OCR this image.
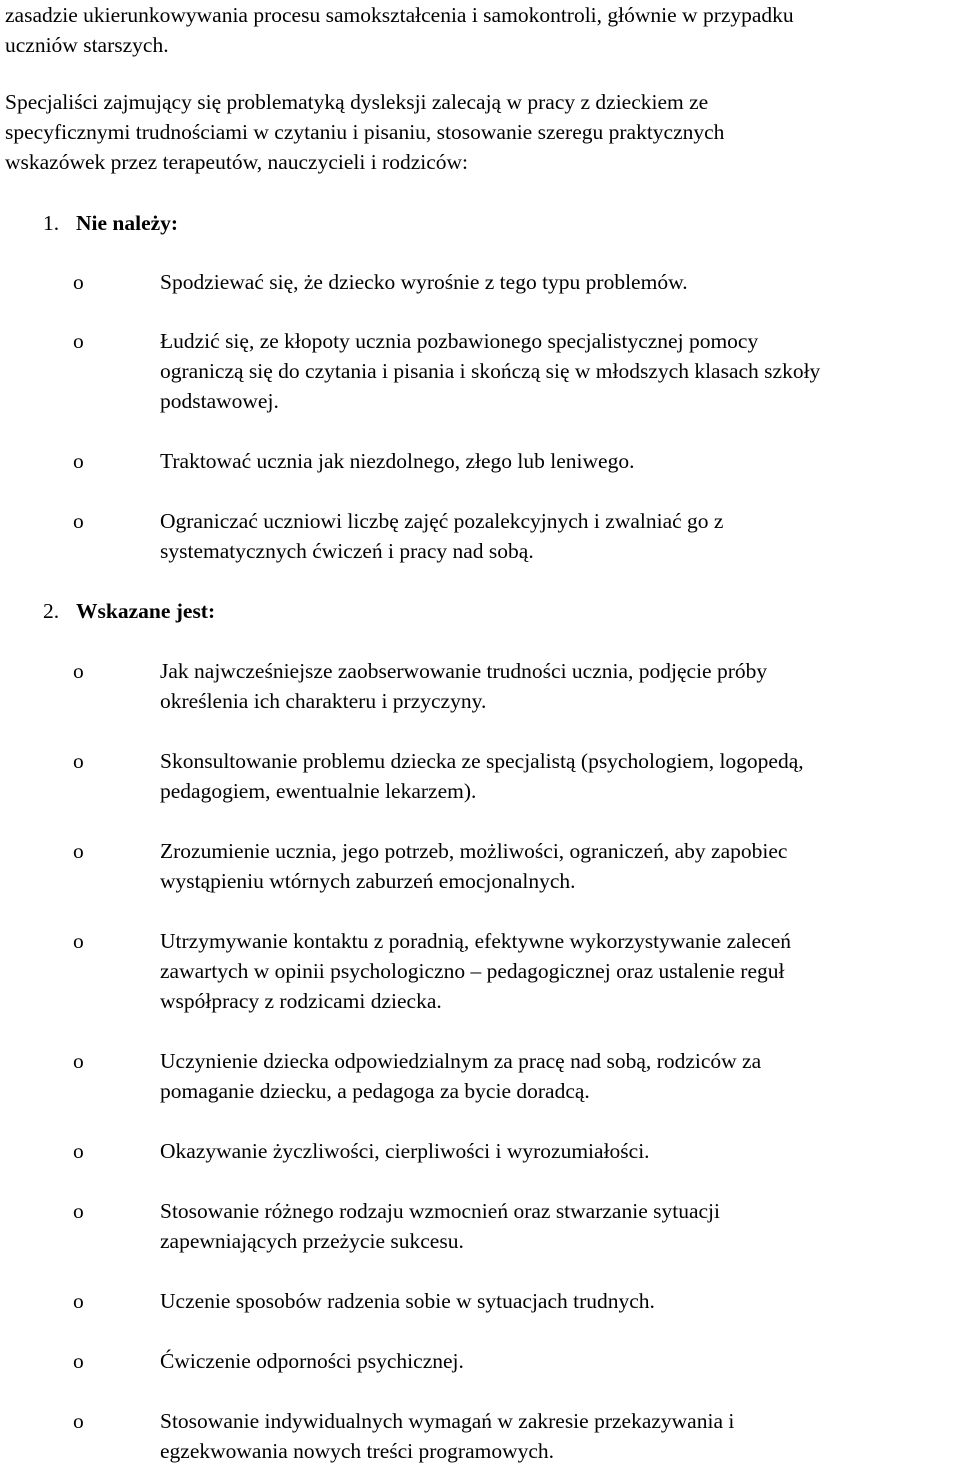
zasadzie ukierunkowywania procesu samokształcenia i samokontroli, głównie w przypadku
uczniów starszych.
Specjaliści zajmujący się problematyką dysleksji zalecają w pracy z dzieckiem ze
specyficznymi trudnościami w czytaniu i pisaniu, stosowanie szeregu praktycznych
wskazówek przez terapeutów, nauczycieli i rodziców:
1. Nie należy:
o	Spodziewać się, że dziecko wyrośnie z tego typu problemów.
o	Łudzić się, ze kłopoty ucznia pozbawionego specjalistycznej pomocy
ograniczą się do czytania i pisania i skończą się w młodszych klasach szkoły
podstawowej.
o	Traktować ucznia jak niezdolnego, złego lub leniwego.
o	Ograniczać uczniowi liczbę zajęć pozalekcyjnych i zwalniać go z
systematycznych ćwiczeń i pracy nad sobą.
2. Wskazane jest:
o	Jak najwcześniejsze zaobserwowanie trudności ucznia, podjęcie próby
określenia ich charakteru i przyczyny.
o	Skonsultowanie problemu dziecka ze specjalistą (psychologiem, logopedą,
pedagogiem, ewentualnie lekarzem).
o	Zrozumienie ucznia, jego potrzeb, możliwości, ograniczeń, aby zapobiec
wystąpieniu wtórnych zaburzeń emocjonalnych.
o	Utrzymywanie kontaktu z poradnią, efektywne wykorzystywanie zaleceń
zawartych w opinii psychologiczno – pedagogicznej oraz ustalenie reguł
współpracy z rodzicami dziecka.
o	Uczynienie dziecka odpowiedzialnym za pracę nad sobą, rodziców za
pomaganie dziecku, a pedagoga za bycie doradcą.
o	Okazywanie życzliwości, cierpliwości i wyrozumiałości.
o	Stosowanie różnego rodzaju wzmocnień oraz stwarzanie sytuacji
zapewniających przeżycie sukcesu.
o	Uczenie sposobów radzenia sobie w sytuacjach trudnych.
o	Ćwiczenie odporności psychicznej.
o	Stosowanie indywidualnych wymagań w zakresie przekazywania i
egzekwowania nowych treści programowych.
